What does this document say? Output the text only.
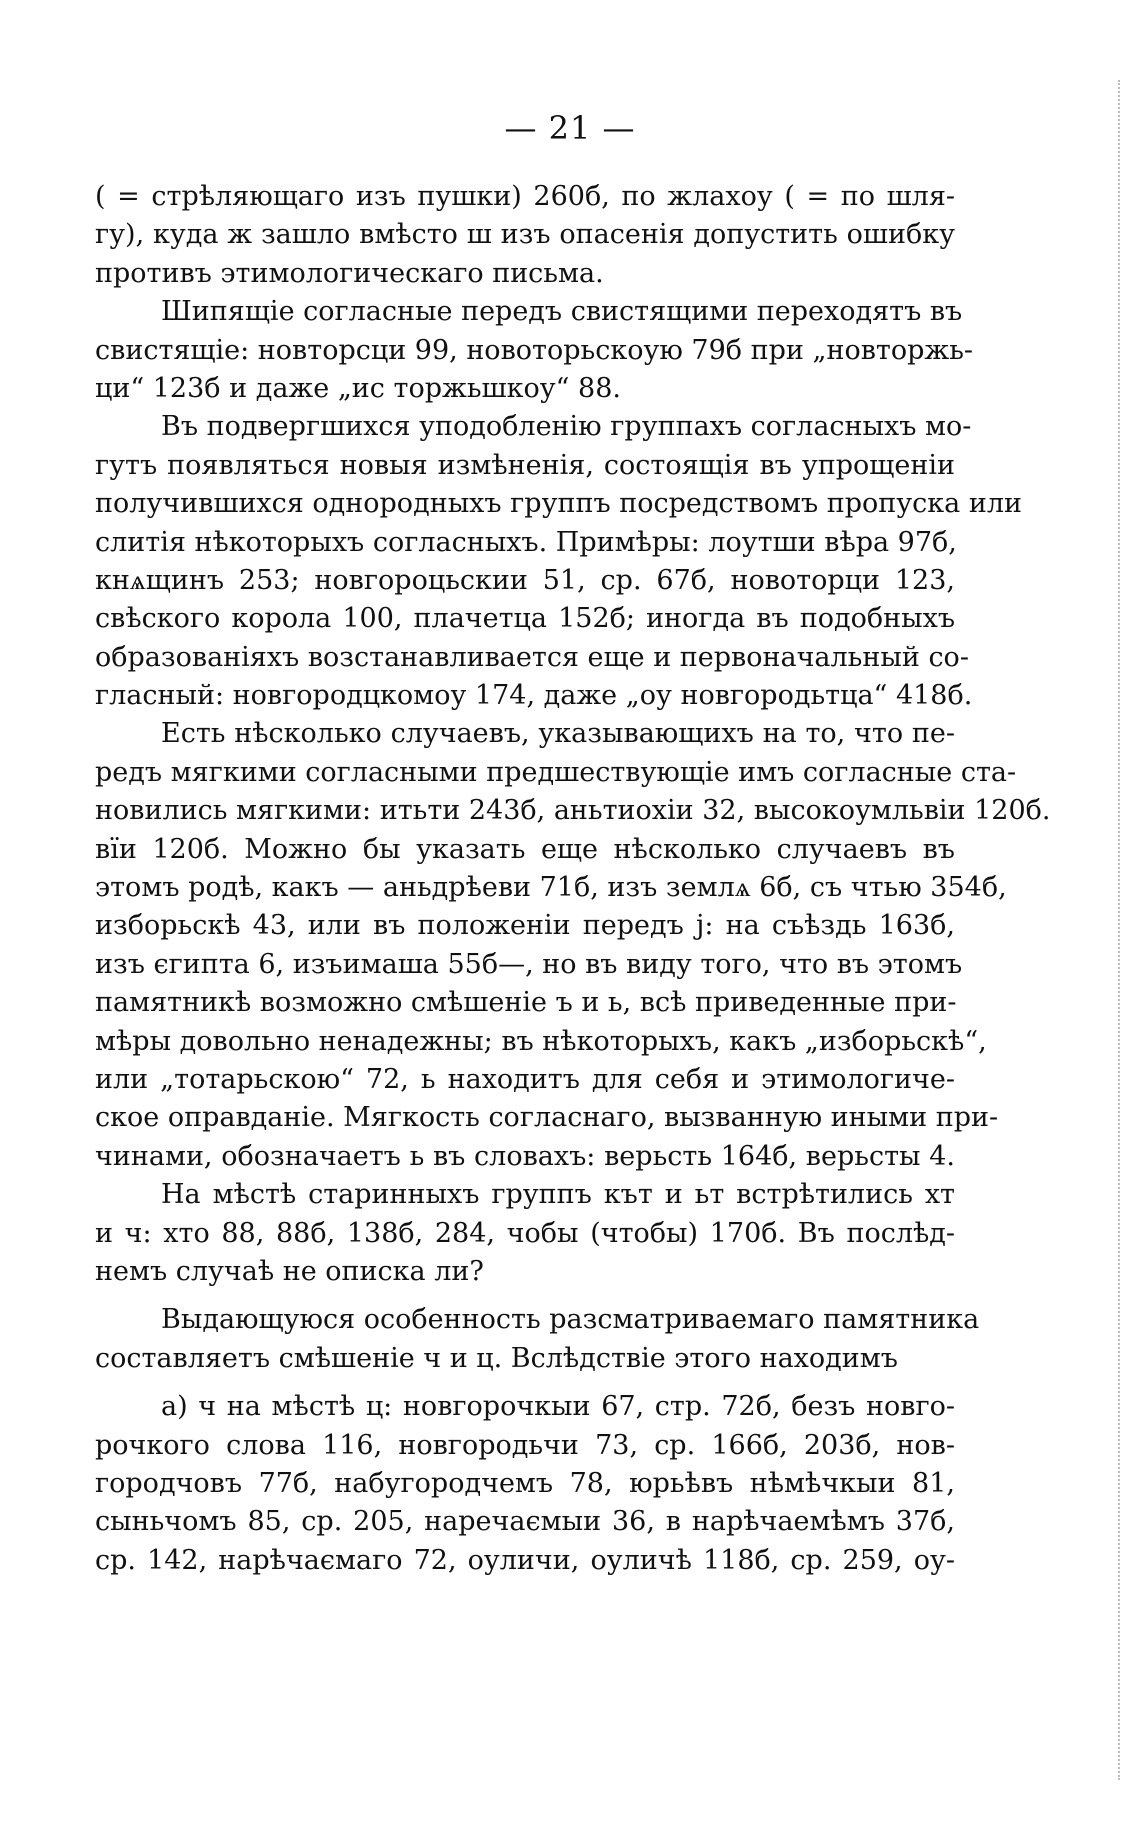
— 21 —
( = стрѣляющаго изъ пушки) 260б, по жлахоу ( = по шля-
гу), куда ж зашло вмѣсто ш изъ опасенія допустить ошибку
противъ этимологическаго письма.
Шипящіе согласные передъ свистящими переходятъ въ
свистящіе: новторсци 99, новоторьскоую 79б при „новторжь-
ци“ 123б и даже „ис торжьшкоу“ 88.
Въ подвергшихся уподобленію группахъ согласныхъ мо-
гутъ появляться новыя измѣненія, состоящія въ упрощеніи
получившихся однородныхъ группъ посредствомъ пропуска или
слитія нѣкоторыхъ согласныхъ. Примѣры: лоутши вѣра 97б,
кнѧщинъ 253; новгороцьскии 51, ср. 67б, новоторци 123,
свѣского корола 100, плачетца 152б; иногда въ подобныхъ
образованіяхъ возстанавливается еще и первоначальный со-
гласный: новгородцкомоу 174, даже „оу новгородьтца“ 418б.
Есть нѣсколько случаевъ, указывающихъ на то, что пе-
редъ мягкими согласными предшествующіе имъ согласные ста-
новились мягкими: итьти 243б, аньтиохіи 32, высокоумльвіи 120б.
вїи 120б. Можно бы указать еще нѣсколько случаевъ въ
этомъ родѣ, какъ — аньдрѣеви 71б, изъ землѧ 6б, съ чтью 354б,
изборьскѣ 43, или въ положеніи передъ j: на съѣздь 163б,
изъ єгипта 6, изъимаша 55б—, но въ виду того, что въ этомъ
памятникѣ возможно смѣшеніе ъ и ь, всѣ приведенные при-
мѣры довольно ненадежны; въ нѣкоторыхъ, какъ „изборьскѣ“,
или „тотарьскою“ 72, ь находитъ для себя и этимологиче-
ское оправданіе. Мягкость согласнаго, вызванную иными при-
чинами, обозначаетъ ь въ словахъ: верьсть 164б, верьсты 4.
На мѣстѣ старинныхъ группъ кът и ьт встрѣтились хт
и ч: хто 88, 88б, 138б, 284, чобы (чтобы) 170б. Въ послѣд-
немъ случаѣ не описка ли?
Выдающуюся особенность разсматриваемаго памятника
составляетъ смѣшеніе ч и ц. Вслѣдствіе этого находимъ
а) ч на мѣстѣ ц: новгорочкыи 67, стр. 72б, безъ новго-
рочкого слова 116, новгородьчи 73, ср. 166б, 203б, нов-
городчовъ 77б, набугородчемъ 78, юрьѣвъ нѣмѣчкыи 81,
сыньчомъ 85, ср. 205, наречаємыи 36, в нарѣчаемѣмъ 37б,
ср. 142, нарѣчаємаго 72, оуличи, оуличѣ 118б, ср. 259, оу-
